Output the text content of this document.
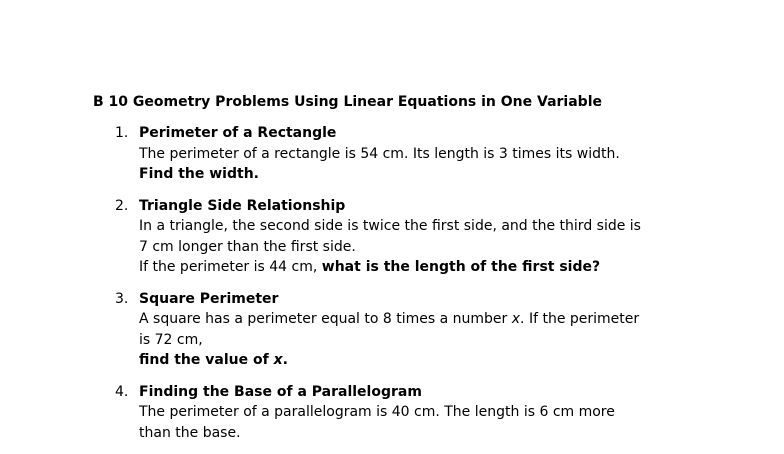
B 10 Geometry Problems Using Linear Equations in One Variable
1. Perimeter of a Rectangle
The perimeter of a rectangle is 54 cm. Its length is 3 times its width.
Find the width.
2. Triangle Side Relationship
In a triangle, the second side is twice the first side, and the third side is
7 cm longer than the first side.
If the perimeter is 44 cm, what is the length of the first side?
3. Square Perimeter
A square has a perimeter equal to 8 times a number x. If the perimeter
is 72 cm,
find the value of x.
4. Finding the Base of a Parallelogram
The perimeter of a parallelogram is 40 cm. The length is 6 cm more
than the base.
